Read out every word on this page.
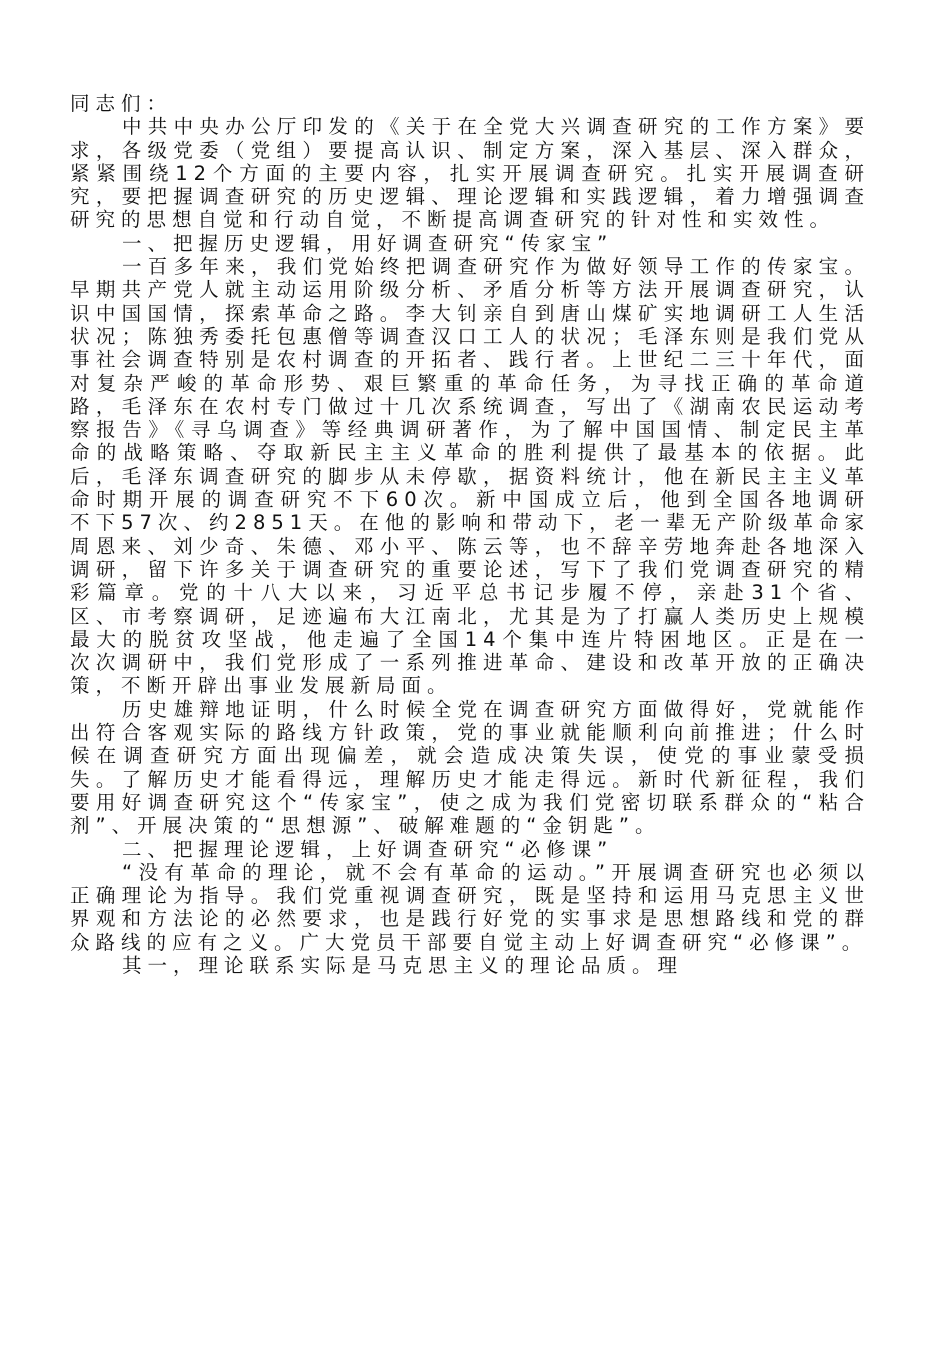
同志们：

中共中央办公厅印发的《关于在全党大兴调查研究的工作方案》要求，各级党委（党组）要提高认识、制定方案，深入基层、深入群众，紧紧围绕12个方面的主要内容，扎实开展调查研究。扎实开展调查研究，要把握调查研究的历史逻辑、理论逻辑和实践逻辑，着力增强调查研究的思想自觉和行动自觉，不断提高调查研究的针对性和实效性。

一、把握历史逻辑，用好调查研究“传家宝”

一百多年来，我们党始终把调查研究作为做好领导工作的传家宝。早期共产党人就主动运用阶级分析、矛盾分析等方法开展调查研究，认识中国国情，探索革命之路。李大钊亲自到唐山煤矿实地调研工人生活状况；陈独秀委托包惠僧等调查汉口工人的状况；毛泽东则是我们党从事社会调查特别是农村调查的开拓者、践行者。上世纪二三十年代，面对复杂严峻的革命形势、艰巨繁重的革命任务，为寻找正确的革命道路，毛泽东在农村专门做过十几次系统调查，写出了《湖南农民运动考察报告》《寻乌调查》等经典调研著作，为了解中国国情、制定民主革命的战略策略、夺取新民主主义革命的胜利提供了最基本的依据。此后，毛泽东调查研究的脚步从未停歇，据资料统计，他在新民主主义革命时期开展的调查研究不下60次。新中国成立后，他到全国各地调研不下57次、约2851天。在他的影响和带动下，老一辈无产阶级革命家周恩来、刘少奇、朱德、邓小平、陈云等，也不辞辛劳地奔赴各地深入调研，留下许多关于调查研究的重要论述，写下了我们党调查研究的精彩篇章。党的十八大以来，习近平总书记步履不停，亲赴31个省、区、市考察调研，足迹遍布大江南北，尤其是为了打赢人类历史上规模最大的脱贫攻坚战，他走遍了全国14个集中连片特困地区。正是在一次次调研中，我们党形成了一系列推进革命、建设和改革开放的正确决策，不断开辟出事业发展新局面。

历史雄辩地证明，什么时候全党在调查研究方面做得好，党就能作出符合客观实际的路线方针政策，党的事业就能顺利向前推进；什么时候在调查研究方面出现偏差，就会造成决策失误，使党的事业蒙受损失。了解历史才能看得远，理解历史才能走得远。新时代新征程，我们要用好调查研究这个“传家宝”，使之成为我们党密切联系群众的“粘合剂”、开展决策的“思想源”、破解难题的“金钥匙”。

二、把握理论逻辑，上好调查研究“必修课”

“没有革命的理论，就不会有革命的运动。”开展调查研究也必须以正确理论为指导。我们党重视调查研究，既是坚持和运用马克思主义世界观和方法论的必然要求，也是践行好党的实事求是思想路线和党的群众路线的应有之义。广大党员干部要自觉主动上好调查研究“必修课”。

其一，理论联系实际是马克思主义的理论品质。理
